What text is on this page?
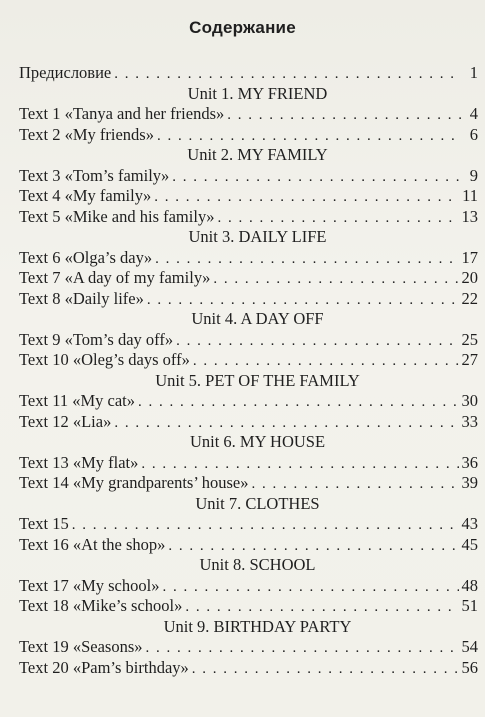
Содержание
Предисловие . . .	1
Unit 1. MY FRIEND
Text 1 «Tanya and her friends» . . .	4
Text 2 «My friends» . . .	6
Unit 2. MY FAMILY
Text 3 «Tom’s family» . . .	9
Text 4 «My family» . . .	11
Text 5 «Mike and his family» . . .	13
Unit 3. DAILY LIFE
Text 6 «Olga’s day» . . .	17
Text 7 «A day of my family» . . .	20
Text 8 «Daily life» . . .	22
Unit 4. A DAY OFF
Text 9 «Tom’s day off» . . .	25
Text 10 «Oleg’s days off» . . .	27
Unit 5. PET OF THE FAMILY
Text 11 «My cat» . . .	30
Text 12 «Lia» . . .	33
Unit 6. MY HOUSE
Text 13 «My flat» . . .	36
Text 14 «My grandparents’ house» . . .	39
Unit 7. CLOTHES
Text 15 . . .	43
Text 16 «At the shop» . . .	45
Unit 8. SCHOOL
Text 17 «My school» . . .	48
Text 18 «Mike’s school» . . .	51
Unit 9. BIRTHDAY PARTY
Text 19 «Seasons» . . .	54
Text 20 «Pam’s birthday» . . .	56
